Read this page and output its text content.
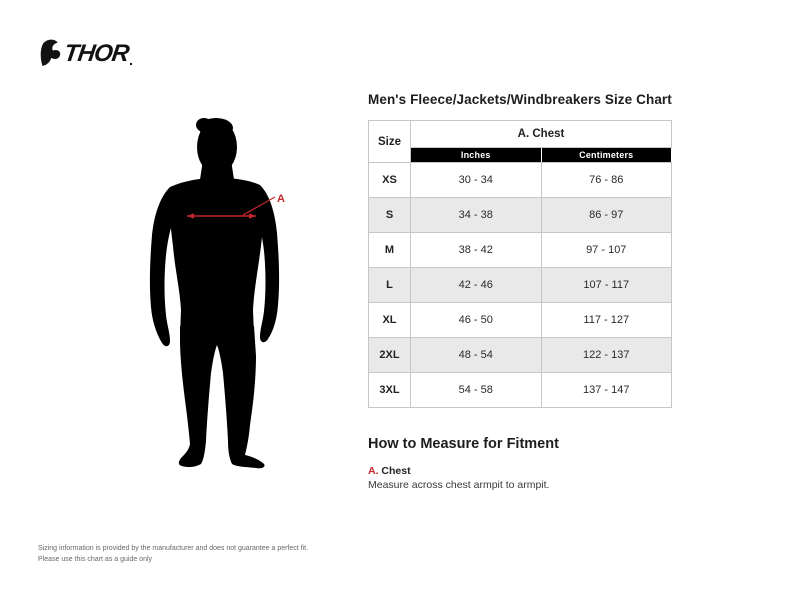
THOR
A
Men's Fleece/Jackets/Windbreakers Size Chart
Size	A. Chest	
	Inches	Centimeters
XS	30 - 34	76 - 86
S	34 - 38	86 - 97
M	38 - 42	97 - 107
L	42 - 46	107 - 117
XL	46 - 50	117 - 127
2XL	48 - 54	122 - 137
3XL	54 - 58	137 - 147
How to Measure for Fitment
A. Chest
Measure across chest armpit to armpit.
Sizing information is provided by the manufacturer and does not guarantee a perfect fit.
Please use this chart as a guide only
